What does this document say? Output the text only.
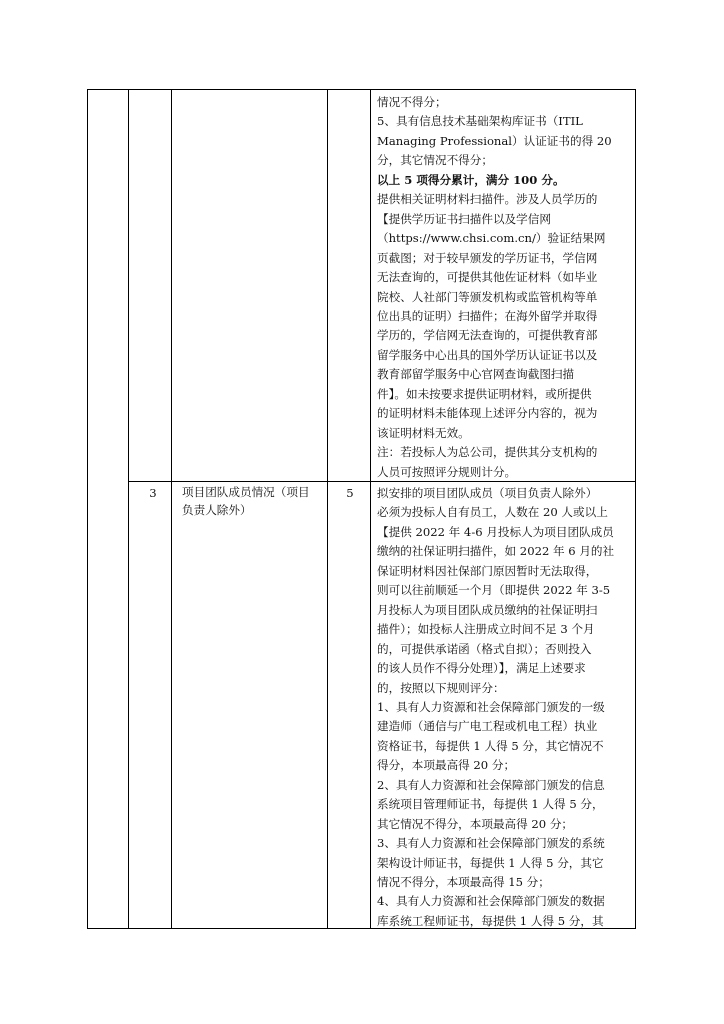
情况不得分；
5、具有信息技术基础架构库证书（ITIL
Managing Professional）认证证书的得 20
分，其它情况不得分；
以上 5 项得分累计，满分 100 分。
提供相关证明材料扫描件。涉及人员学历的
【提供学历证书扫描件以及学信网
（https://www.chsi.com.cn/）验证结果网
页截图；对于较早颁发的学历证书，学信网
无法查询的，可提供其他佐证材料（如毕业
院校、人社部门等颁发机构或监管机构等单
位出具的证明）扫描件；在海外留学并取得
学历的，学信网无法查询的，可提供教育部
留学服务中心出具的国外学历认证证书以及
教育部留学服务中心官网查询截图扫描
件】。如未按要求提供证明材料，或所提供
的证明材料未能体现上述评分内容的，视为
该证明材料无效。
注：若投标人为总公司，提供其分支机构的
人员可按照评分规则计分。
3 项目团队成员情况（项目
负责人除外）
5	拟安排的项目团队成员（项目负责人除外）
必须为投标人自有员工，人数在 20 人或以上
【提供 2022 年 4-6 月投标人为项目团队成员
缴纳的社保证明扫描件，如 2022 年 6 月的社
保证明材料因社保部门原因暂时无法取得，
则可以往前顺延一个月（即提供 2022 年 3-5
月投标人为项目团队成员缴纳的社保证明扫
描件）；如投标人注册成立时间不足 3 个月
的，可提供承诺函（格式自拟）；否则投入
的该人员作不得分处理）】，满足上述要求
的，按照以下规则评分：
1、具有人力资源和社会保障部门颁发的一级
建造师（通信与广电工程或机电工程）执业
资格证书，每提供 1 人得 5 分，其它情况不
得分，本项最高得 20 分；
2、具有人力资源和社会保障部门颁发的信息
系统项目管理师证书，每提供 1 人得 5 分，
其它情况不得分，本项最高得 20 分；
3、具有人力资源和社会保障部门颁发的系统
架构设计师证书，每提供 1 人得 5 分，其它
情况不得分，本项最高得 15 分；
4、具有人力资源和社会保障部门颁发的数据
库系统工程师证书，每提供 1 人得 5 分，其
